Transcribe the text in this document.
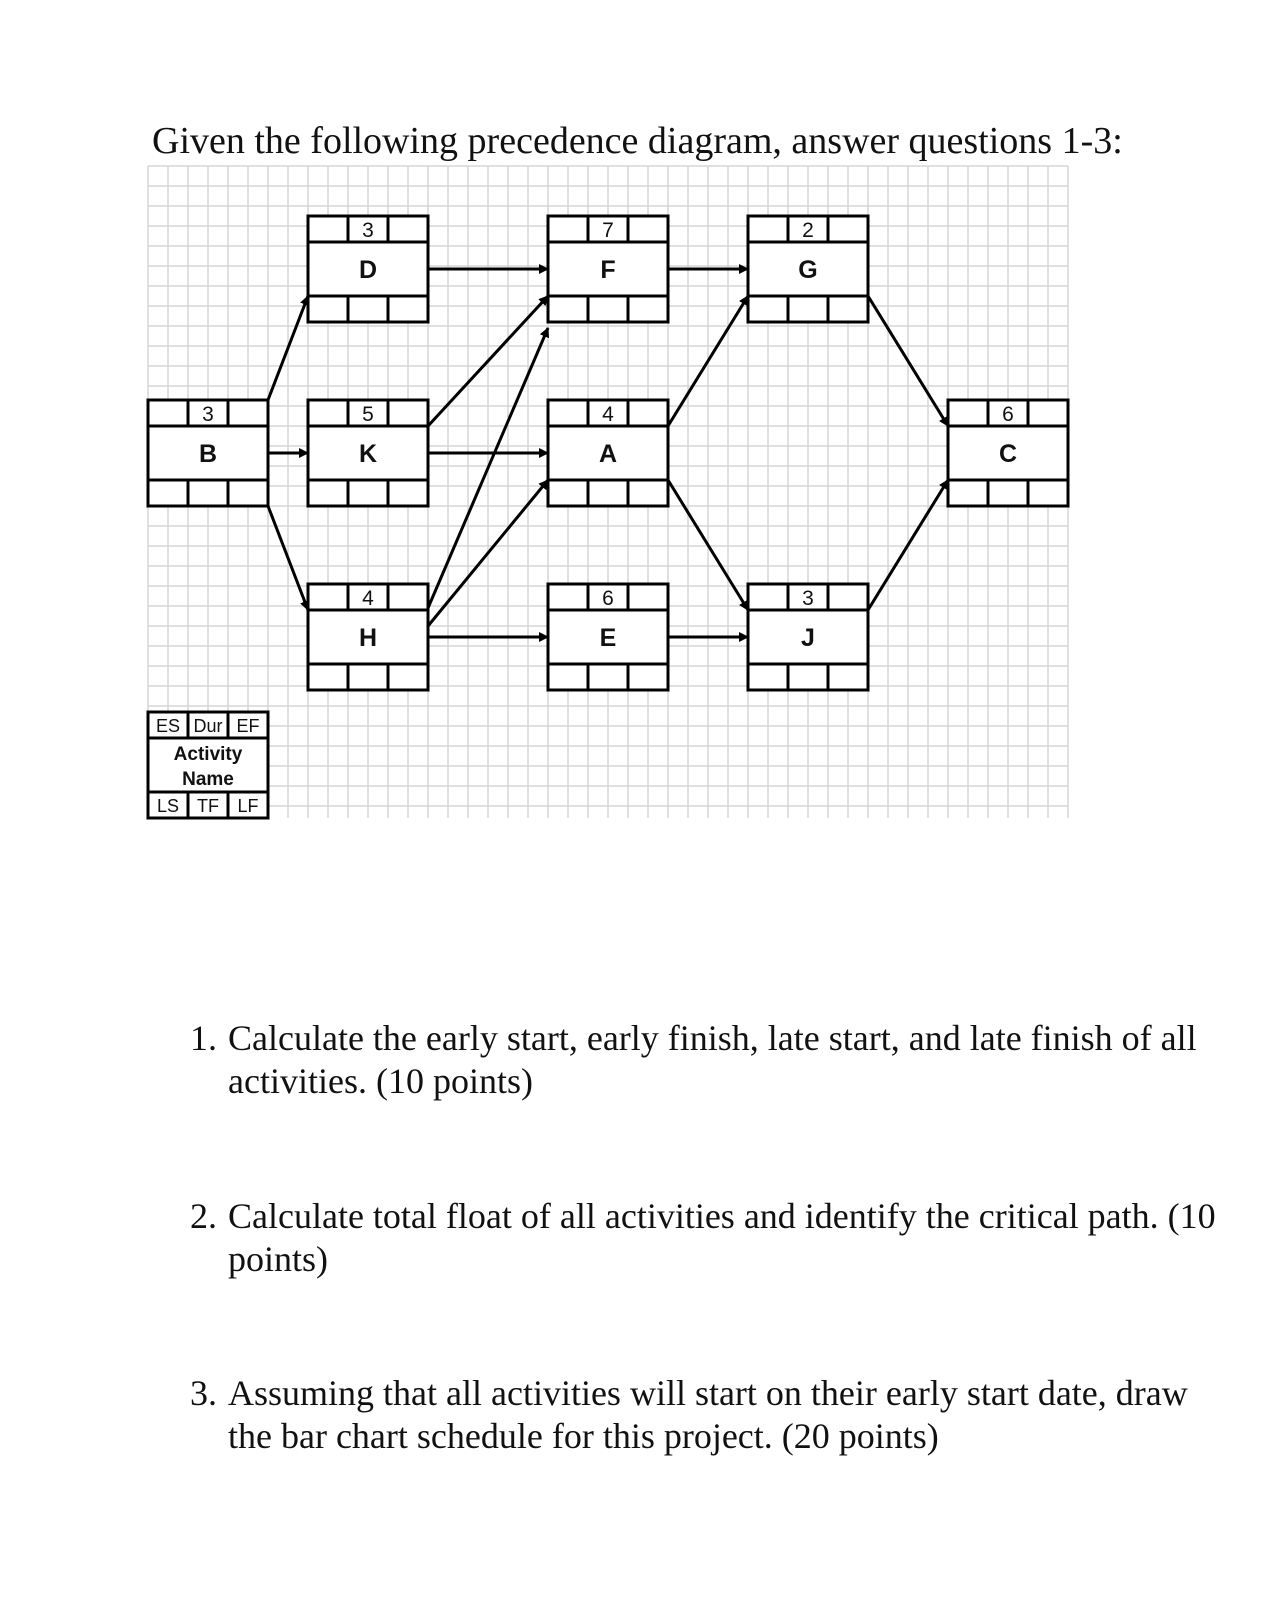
Given the following precedence diagram, answer questions 1-3:
3
D
7
F
2
G
3
B
5
K
4
A
6
C
4
H
6
E
3
J
ES Dur EF
Activity
Name
LS TF LF
1. Calculate the early start, early finish, late start, and late finish of all activities. (10 points)
2. Calculate total float of all activities and identify the critical path. (10 points)
3. Assuming that all activities will start on their early start date, draw the bar chart schedule for this project. (20 points)
